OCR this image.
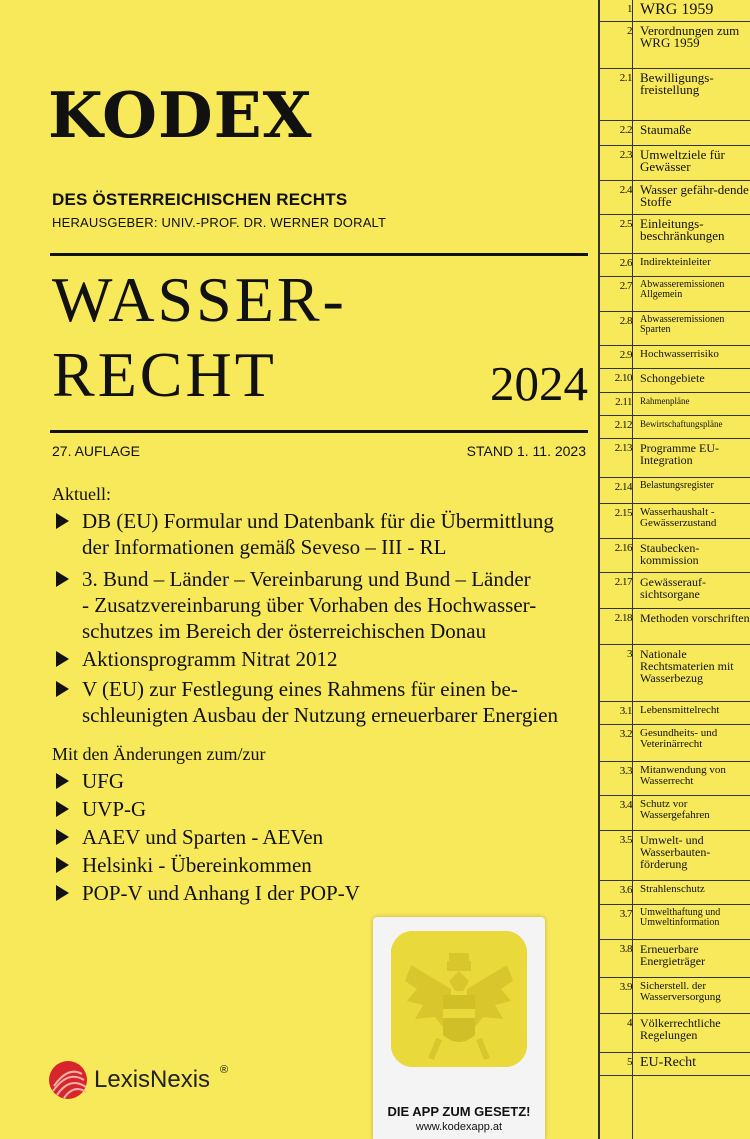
KODEX
DES ÖSTERREICHISCHEN RECHTS
HERAUSGEBER: UNIV.-PROF. DR. WERNER DORALT
WASSER-
RECHT	2024
27. AUFLAGE	STAND 1. 11. 2023
Aktuell:
DB (EU) Formular und Datenbank für die Übermittlung
der Informationen gemäß Seveso – III - RL
3. Bund – Länder – Vereinbarung und Bund – Länder
- Zusatzvereinbarung über Vorhaben des Hochwasser-
schutzes im Bereich der österreichischen Donau
Aktionsprogramm Nitrat 2012
V (EU) zur Festlegung eines Rahmens für einen be-
schleunigten Ausbau der Nutzung erneuerbarer Energien
Mit den Änderungen zum/zur
UFG
UVP-G
AAEV und Sparten - AEVen
Helsinki - Übereinkommen
POP-V und Anhang I der POP-V
LexisNexis ®
DIE APP ZUM GESETZ!
www.kodexapp.at
1 WRG 1959
2 Verordnungen zum WRG 1959
2.1 Bewilligungs-freistellung
2.2 Staumaße
2.3 Umweltziele für Gewässer
2.4 Wasser gefähr-dende Stoffe
2.5 Einleitungs-beschränkungen
2.6 Indirekteinleiter
2.7 Abwasseremissionen Allgemein
2.8 Abwasseremissionen Sparten
2.9 Hochwasserrisiko
2.10 Schongebiete
2.11 Rahmenpläne
2.12 Bewirtschaftungspläne
2.13 Programme EU-Integration
2.14 Belastungsregister
2.15 Wasserhaushalt - Gewässerzustand
2.16 Staubecken-kommission
2.17 Gewässerauf-sichtsorgane
2.18 Methoden vorschriften
3 Nationale Rechtsmaterien mit Wasserbezug
3.1 Lebensmittelrecht
3.2 Gesundheits- und Veterinärrecht
3.3 Mitanwendung von Wasserrecht
3.4 Schutz vor Wassergefahren
3.5 Umwelt- und Wasserbauten-förderung
3.6 Strahlenschutz
3.7 Umwelthaftung und Umweltinformation
3.8 Erneuerbare Energieträger
3.9 Sicherstell. der Wasserversorgung
4 Völkerrechtliche Regelungen
5 EU-Recht
